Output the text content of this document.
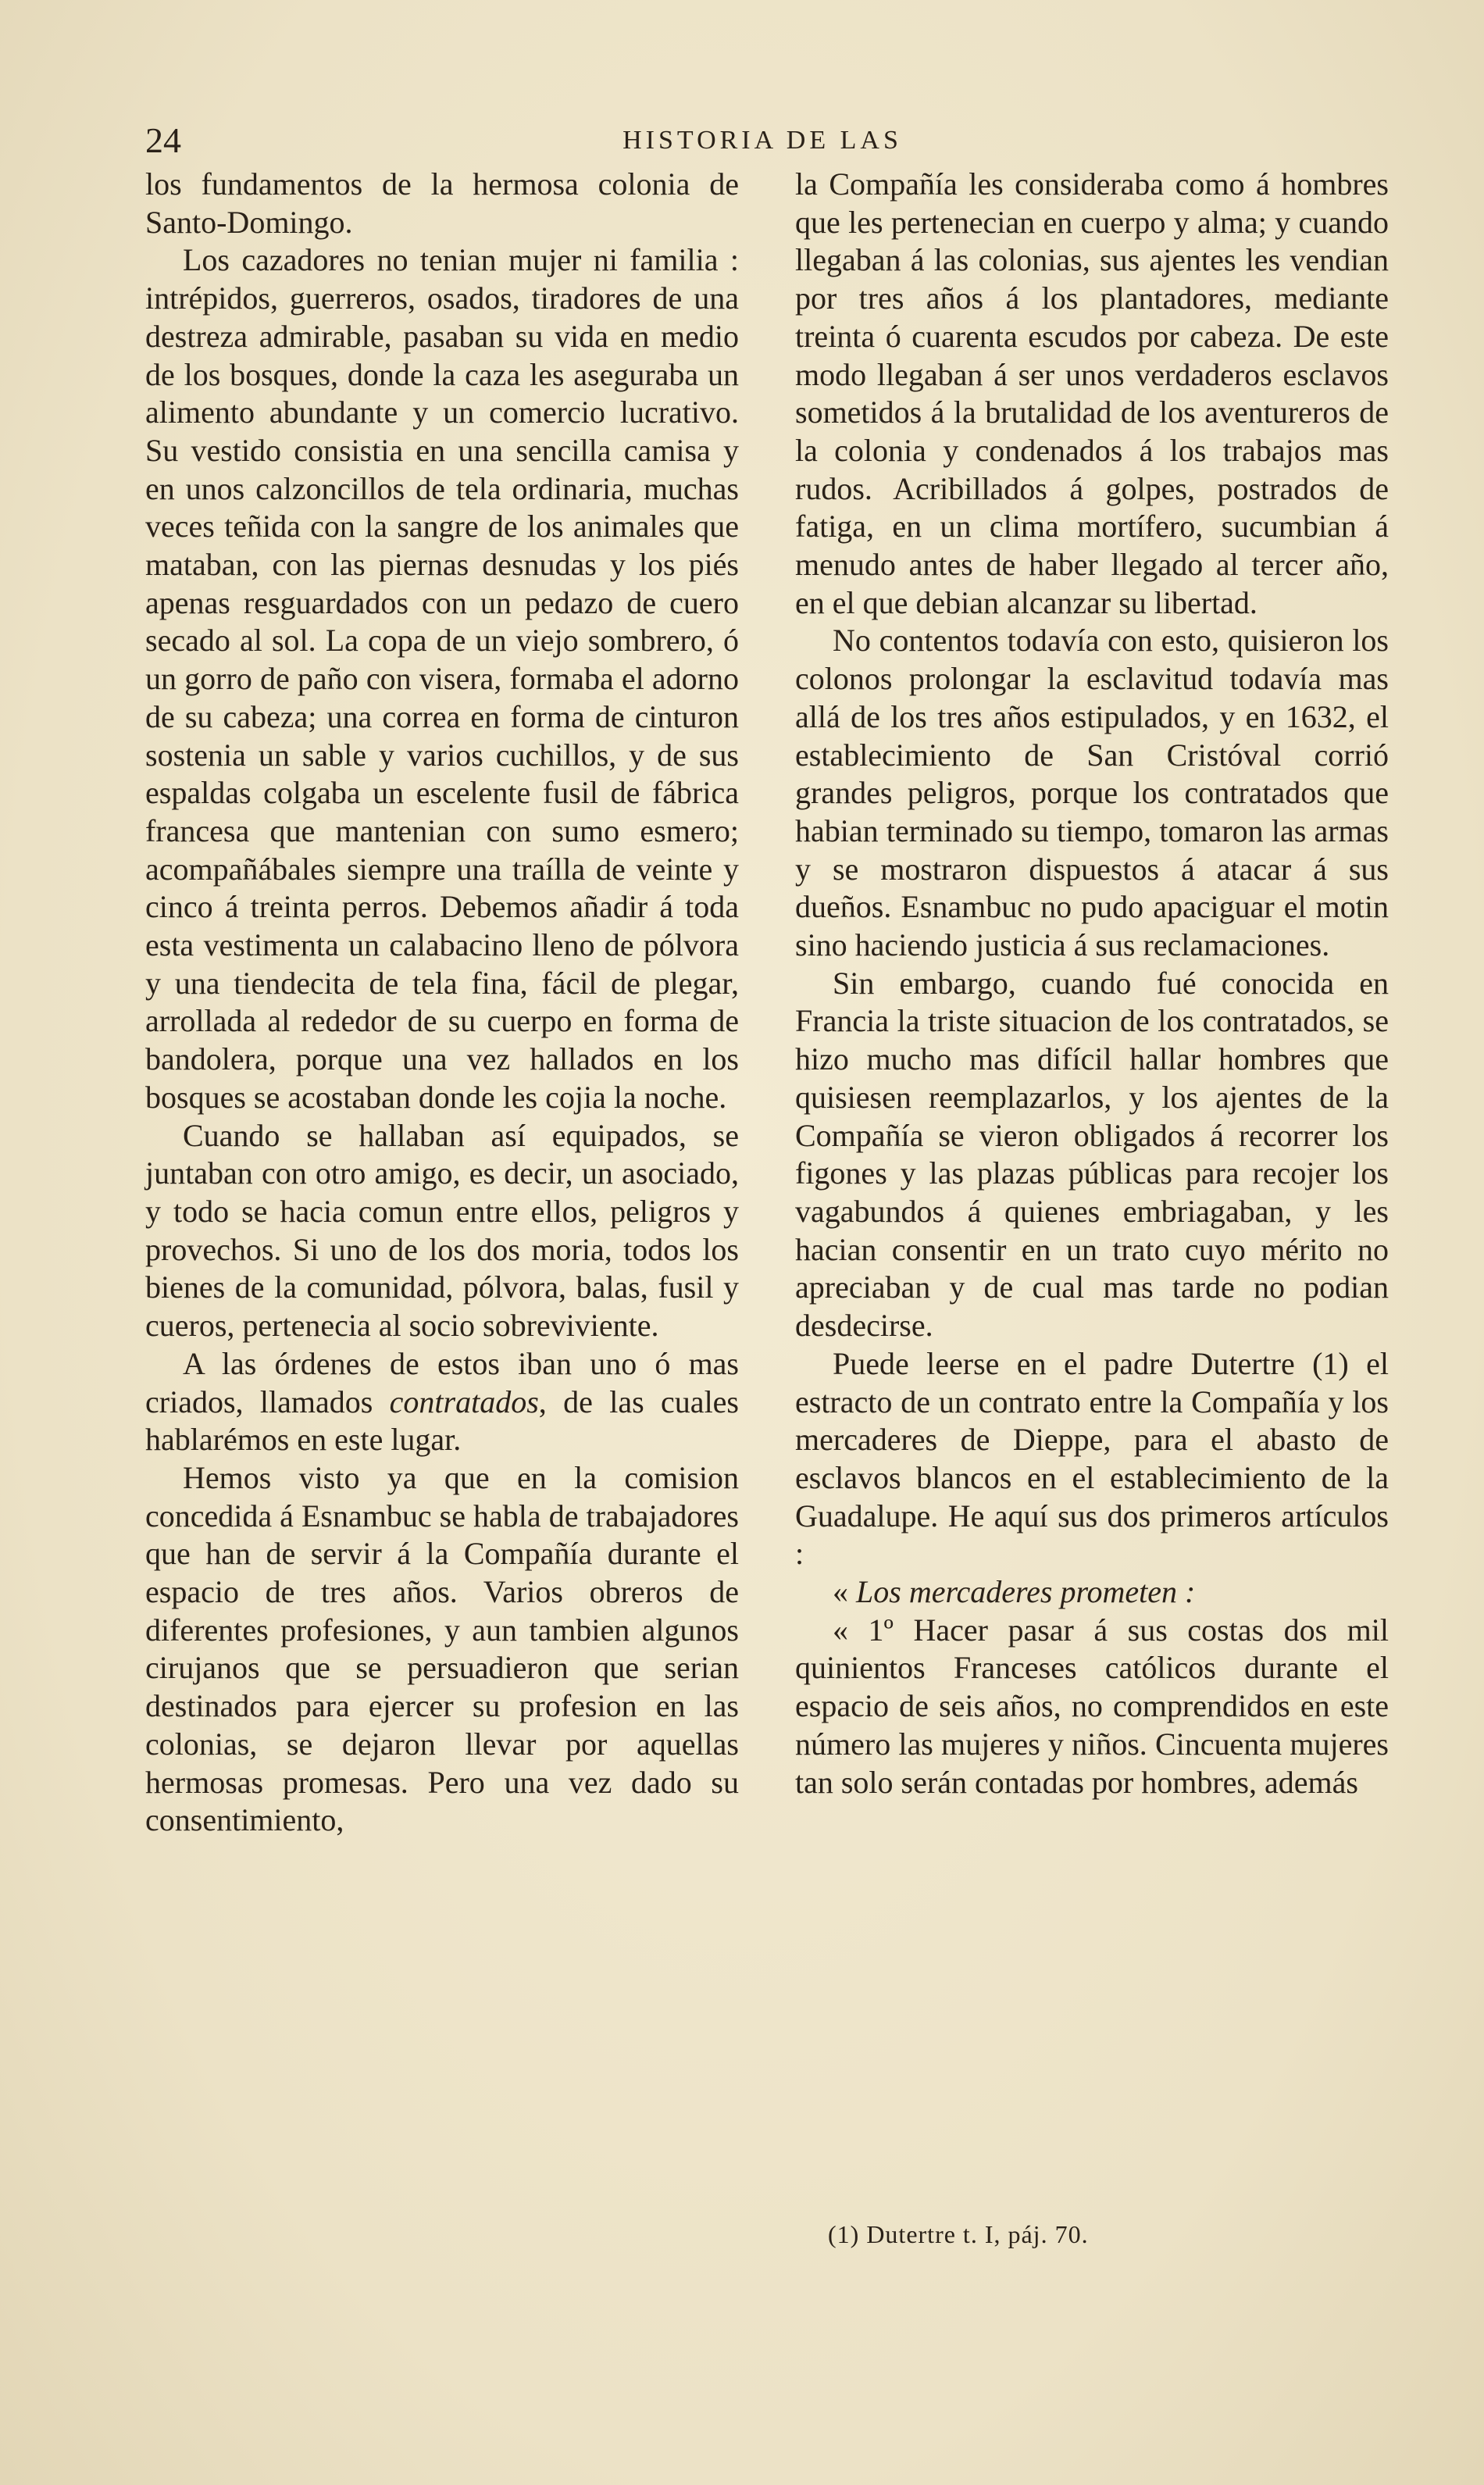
24	HISTORIA DE LAS

los fundamentos de la hermosa colonia de Santo-Domingo.

Los cazadores no tenian mujer ni familia : intrépidos, guerreros, osados, tiradores de una destreza admirable, pasaban su vida en medio de los bosques, donde la caza les aseguraba un alimento abundante y un comercio lucrativo. Su vestido consistia en una sencilla camisa y en unos calzoncillos de tela ordinaria, muchas veces teñida con la sangre de los animales que mataban, con las piernas desnudas y los piés apenas resguardados con un pedazo de cuero secado al sol. La copa de un viejo sombrero, ó un gorro de paño con visera, formaba el adorno de su cabeza; una correa en forma de cinturon sostenia un sable y varios cuchillos, y de sus espaldas colgaba un escelente fusil de fábrica francesa que mantenian con sumo esmero; acompañábales siempre una traílla de veinte y cinco á treinta perros. Debemos añadir á toda esta vestimenta un calabacino lleno de pólvora y una tiendecita de tela fina, fácil de plegar, arrollada al rededor de su cuerpo en forma de bandolera, porque una vez hallados en los bosques se acostaban donde les cojia la noche.

Cuando se hallaban así equipados, se juntaban con otro amigo, es decir, un asociado, y todo se hacia comun entre ellos, peligros y provechos. Si uno de los dos moria, todos los bienes de la comunidad, pólvora, balas, fusil y cueros, pertenecia al socio sobreviviente.

A las órdenes de estos iban uno ó mas criados, llamados contratados, de las cuales hablarémos en este lugar.

Hemos visto ya que en la comision concedida á Esnambuc se habla de trabajadores que han de servir á la Compañía durante el espacio de tres años. Varios obreros de diferentes profesiones, y aun tambien algunos cirujanos que se persuadieron que serian destinados para ejercer su profesion en las colonias, se dejaron llevar por aquellas hermosas promesas. Pero una vez dado su consentimiento,

la Compañía les consideraba como á hombres que les pertenecian en cuerpo y alma; y cuando llegaban á las colonias, sus ajentes les vendian por tres años á los plantadores, mediante treinta ó cuarenta escudos por cabeza. De este modo llegaban á ser unos verdaderos esclavos sometidos á la brutalidad de los aventureros de la colonia y condenados á los trabajos mas rudos. Acribillados á golpes, postrados de fatiga, en un clima mortífero, sucumbian á menudo antes de haber llegado al tercer año, en el que debian alcanzar su libertad.

No contentos todavía con esto, quisieron los colonos prolongar la esclavitud todavía mas allá de los tres años estipulados, y en 1632, el establecimiento de San Cristóval corrió grandes peligros, porque los contratados que habian terminado su tiempo, tomaron las armas y se mostraron dispuestos á atacar á sus dueños. Esnambuc no pudo apaciguar el motin sino haciendo justicia á sus reclamaciones.

Sin embargo, cuando fué conocida en Francia la triste situacion de los contratados, se hizo mucho mas difícil hallar hombres que quisiesen reemplazarlos, y los ajentes de la Compañía se vieron obligados á recorrer los figones y las plazas públicas para recojer los vagabundos á quienes embriagaban, y les hacian consentir en un trato cuyo mérito no apreciaban y de cual mas tarde no podian desdecirse.

Puede leerse en el padre Dutertre (1) el estracto de un contrato entre la Compañía y los mercaderes de Dieppe, para el abasto de esclavos blancos en el establecimiento de la Guadalupe. He aquí sus dos primeros artículos :

« Los mercaderes prometen :

« 1º Hacer pasar á sus costas dos mil quinientos Franceses católicos durante el espacio de seis años, no comprendidos en este número las mujeres y niños. Cincuenta mujeres tan solo serán contadas por hombres, además

(1) Dutertre t. I, páj. 70.
